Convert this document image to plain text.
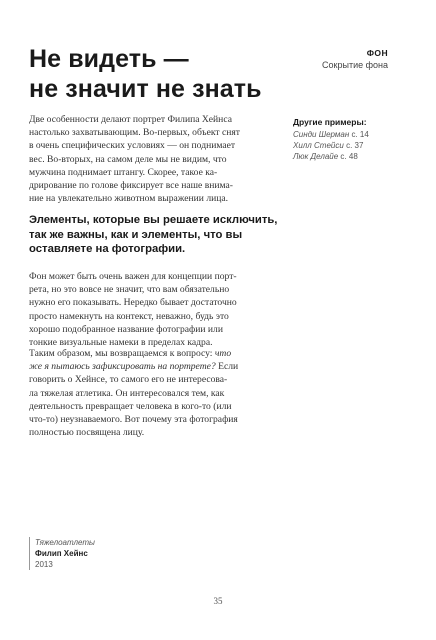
Не видеть —
не значит не знать
ФОН
Сокрытие фона

Две особенности делают портрет Филипа Хейнса
настолько захватывающим. Во-первых, объект снят
в очень специфических условиях — он поднимает
вес. Во-вторых, на самом деле мы не видим, что
мужчина поднимает штангу. Скорее, такое ка-
дрирование по голове фиксирует все наше внима-
ние на увлекательно животном выражении лица.

Другие примеры:
Синди Шерман с. 14
Хилл Стейси с. 37
Люк Делайе с. 48

Элементы, которые вы решаете исключить,
так же важны, как и элементы, что вы
оставляете на фотографии.

Фон может быть очень важен для концепции порт-
рета, но это вовсе не значит, что вам обязательно
нужно его показывать. Нередко бывает достаточно
просто намекнуть на контекст, неважно, будь это
хорошо подобранное название фотографии или
тонкие визуальные намеки в пределах кадра.

Таким образом, мы возвращаемся к вопросу: что
же я пытаюсь зафиксировать на портрете? Если
говорить о Хейнсе, то самого его не интересова-
ла тяжелая атлетика. Он интересовался тем, как
деятельность превращает человека в кого-то (или
что-то) неузнаваемого. Вот почему эта фотография
полностью посвящена лицу.

Тяжелоатлеты
Филип Хейнс
2013
35
